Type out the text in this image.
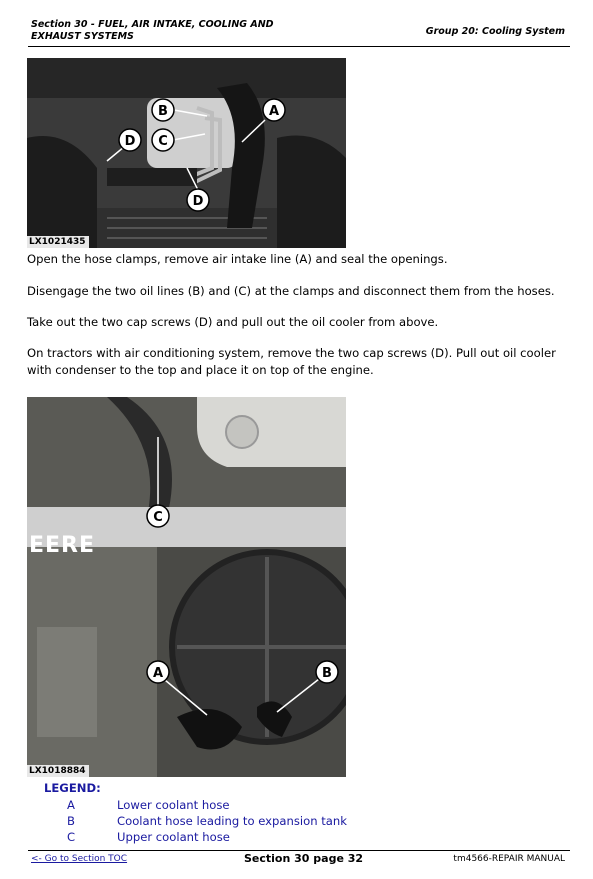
Section 30 - FUEL, AIR INTAKE, COOLING AND
EXHAUST SYSTEMS	Group 20: Cooling System
LX1021435
A
B
C
D
D
Open the hose clamps, remove air intake line (A) and seal the openings.
Disengage the two oil lines (B) and (C) at the clamps and disconnect them from the hoses.
Take out the two cap screws (D) and pull out the oil cooler from above.
On tractors with air conditioning system, remove the two cap screws (D). Pull out oil cooler with condenser to the top and place it on top of the engine.
EERE
LX1018884
A	B
C
LEGEND:
A	Lower coolant hose
B	Coolant hose leading to expansion tank
C	Upper coolant hose
<- Go to Section TOC	Section 30 page 32	tm4566-REPAIR MANUAL
